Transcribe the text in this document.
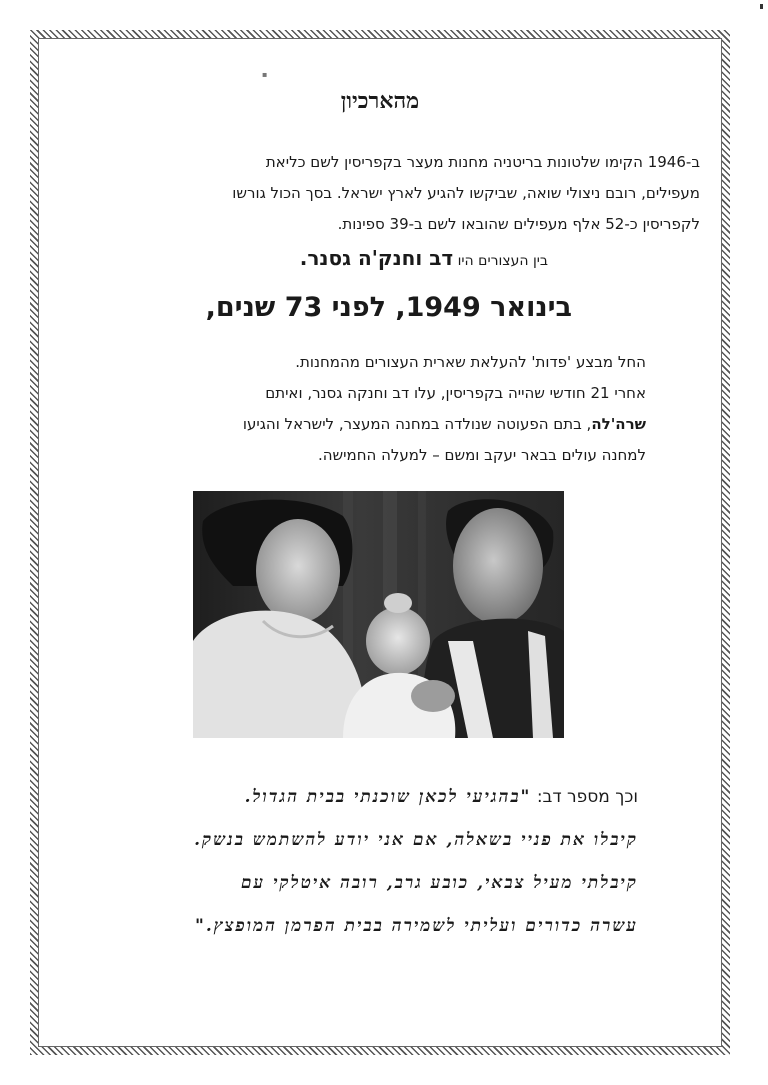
▪
מהארכיון
ב-1946 הקימו שלטונות בריטניה מחנות מעצר בקפריסין לשם כליאת
מעפילים, רובם ניצולי שואה, שביקשו להגיע לארץ ישראל. בסך הכול גורשו
לקפריסין כ-52 אלף מעפילים שהובאו לשם ב-39 ספינות.
בין העצורים היו דב וחנק'ה גסנר.
בינואר 1949, לפני 73 שנים,
החל מבצע 'פדות' להעלאת שארית העצורים מהמחנות.
אחרי 21 חודשי שהייה בקפריסין, עלו דב וחנקה גסנר, ואיתם
שרה'לה, בתם הפעוטה שנולדה במחנה המעצר, לישראל והגיעו
למחנה עולים בבאר יעקב ומשם – למעלה החמישה.
וכך מספר דב: "בהגיעי לכאן שוכנתי בבית הגדול.
קיבלו את פניי בשאלה, אם אני יודע להשתמש בנשק.
קיבלתי מעיל צבאי, כובע גרב, רובה איטלקי עם
עשרה כדורים ועליתי לשמירה בבית הפרמן המופצץ."
